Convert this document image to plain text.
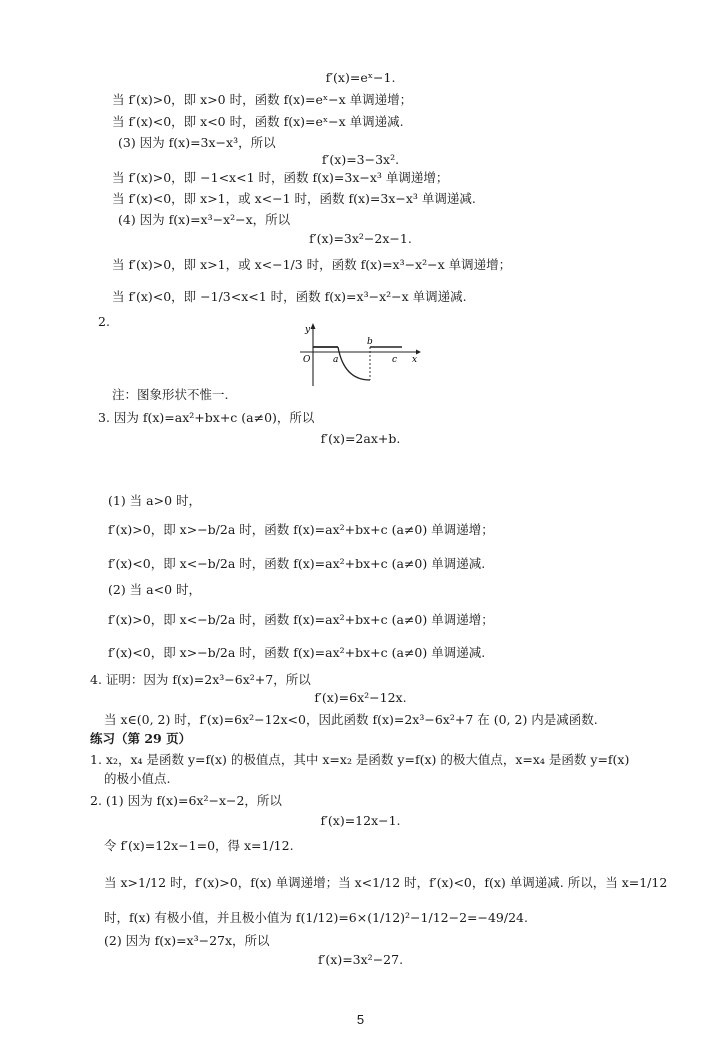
f′(x)=eˣ−1.
当 f′(x)>0，即 x>0 时，函数 f(x)=eˣ−x 单调递增；
当 f′(x)<0，即 x<0 时，函数 f(x)=eˣ−x 单调递减.
(3) 因为 f(x)=3x−x³，所以
f′(x)=3−3x².
当 f′(x)>0，即 −1<x<1 时，函数 f(x)=3x−x³ 单调递增；
当 f′(x)<0，即 x>1，或 x<−1 时，函数 f(x)=3x−x³ 单调递减.
(4) 因为 f(x)=x³−x²−x，所以
f′(x)=3x²−2x−1.
当 f′(x)>0，即 x>1，或 x<−1/3 时，函数 f(x)=x³−x²−x 单调递增；
当 f′(x)<0，即 −1/3<x<1 时，函数 f(x)=x³−x²−x 单调递减.
2.
y
x
O	a
b
c
注：图象形状不惟一.
3. 因为 f(x)=ax²+bx+c (a≠0)，所以
f′(x)=2ax+b.
(1) 当 a>0 时，
f′(x)>0，即 x>−b/2a 时，函数 f(x)=ax²+bx+c (a≠0) 单调递增；
f′(x)<0，即 x<−b/2a 时，函数 f(x)=ax²+bx+c (a≠0) 单调递减.
(2) 当 a<0 时，
f′(x)>0，即 x<−b/2a 时，函数 f(x)=ax²+bx+c (a≠0) 单调递增；
f′(x)<0，即 x>−b/2a 时，函数 f(x)=ax²+bx+c (a≠0) 单调递减.
4. 证明：因为 f(x)=2x³−6x²+7，所以
f′(x)=6x²−12x.
当 x∈(0, 2) 时，f′(x)=6x²−12x<0，因此函数 f(x)=2x³−6x²+7 在 (0, 2) 内是减函数.
练习（第 29 页）
1. x₂，x₄ 是函数 y=f(x) 的极值点，其中 x=x₂ 是函数 y=f(x) 的极大值点，x=x₄ 是函数 y=f(x)
的极小值点.
2. (1) 因为 f(x)=6x²−x−2，所以
f′(x)=12x−1.
令 f′(x)=12x−1=0，得 x=1/12.
当 x>1/12 时，f′(x)>0，f(x) 单调递增；当 x<1/12 时，f′(x)<0，f(x) 单调递减. 所以，当 x=1/12
时，f(x) 有极小值，并且极小值为 f(1/12)=6×(1/12)²−1/12−2=−49/24.
(2) 因为 f(x)=x³−27x，所以
f′(x)=3x²−27.
5
